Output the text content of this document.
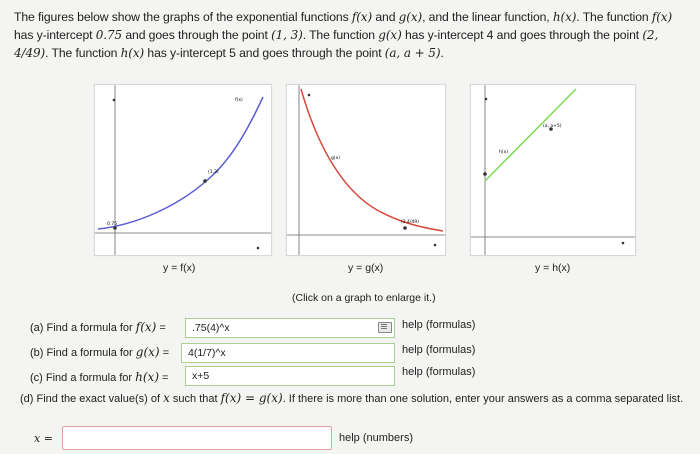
The figures below show the graphs of the exponential functions f(x) and g(x), and the linear function, h(x). The function f(x) has y-intercept 0.75 and goes through the point (1, 3). The function g(x) has y-intercept 4 and goes through the point (2, 4/49). The function h(x) has y-intercept 5 and goes through the point (a, a + 5).
0.75
(1,3)
f(x)
y = f(x)
g(x)
(2,4/49)
y = g(x)
(a, a+5)
h(x)
y = h(x)
(Click on a graph to enlarge it.)
(a) Find a formula for f(x) =	.75(4)^x	help (formulas)
(b) Find a formula for g(x) =	4(1/7)^x	help (formulas)
(c) Find a formula for h(x) =	x+5	help (formulas)
(d) Find the exact value(s) of x such that f(x) = g(x). If there is more than one solution, enter your answers as a comma separated list.
x =	help (numbers)
